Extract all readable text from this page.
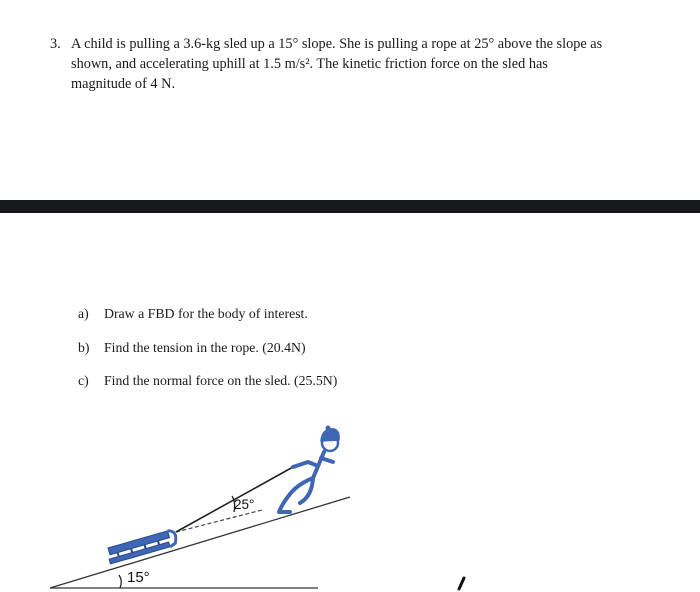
3. A child is pulling a 3.6-kg sled up a 15° slope. She is pulling a rope at 25° above the slope as
shown, and accelerating uphill at 1.5 m/s². The kinetic friction force on the sled has
magnitude of 4 N.
a) Draw a FBD for the body of interest.
b) Find the tension in the rope. (20.4N)
c) Find the normal force on the sled. (25.5N)
15°
25°
